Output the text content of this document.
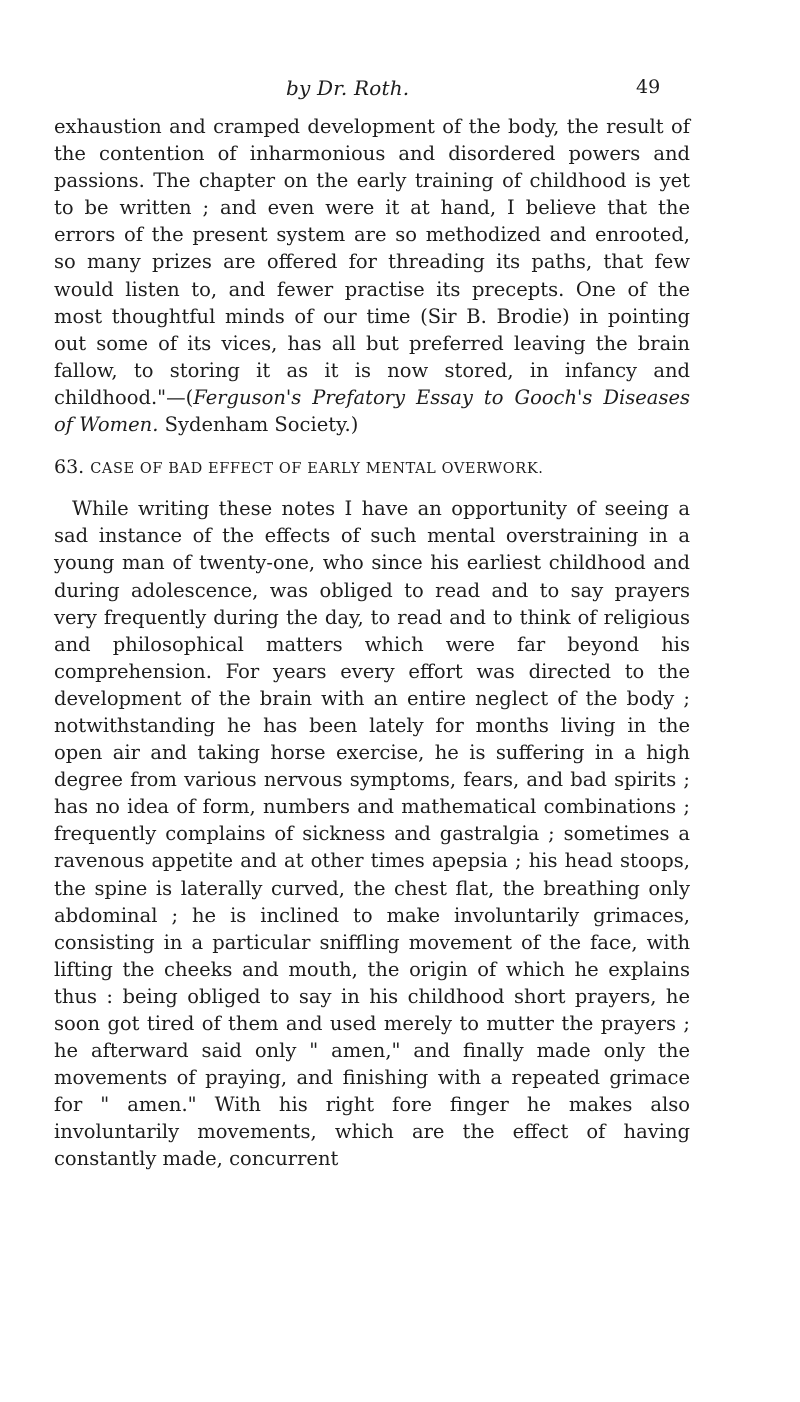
by Dr. Roth.	49

exhaustion and cramped development of the body, the result of the contention of inharmonious and disordered powers and passions. The chapter on the early training of childhood is yet to be written ; and even were it at hand, I believe that the errors of the present system are so methodized and enrooted, so many prizes are offered for threading its paths, that few would listen to, and fewer practise its precepts. One of the most thoughtful minds of our time (Sir B. Brodie) in pointing out some of its vices, has all but preferred leaving the brain fallow, to storing it as it is now stored, in infancy and childhood."—(Ferguson's Prefatory Essay to Gooch's Diseases of Women. Sydenham Society.)

63. CASE OF BAD EFFECT OF EARLY MENTAL OVERWORK.

While writing these notes I have an opportunity of seeing a sad instance of the effects of such mental overstraining in a young man of twenty-one, who since his earliest childhood and during adolescence, was obliged to read and to say prayers very frequently during the day, to read and to think of religious and philosophical matters which were far beyond his comprehension. For years every effort was directed to the development of the brain with an entire neglect of the body ; notwithstanding he has been lately for months living in the open air and taking horse exercise, he is suffering in a high degree from various nervous symptoms, fears, and bad spirits ; has no idea of form, numbers and mathematical combinations ; frequently complains of sickness and gastralgia ; sometimes a ravenous appetite and at other times apepsia ; his head stoops, the spine is laterally curved, the chest flat, the breathing only abdominal ; he is inclined to make involuntarily grimaces, consisting in a particular sniffling movement of the face, with lifting the cheeks and mouth, the origin of which he explains thus : being obliged to say in his childhood short prayers, he soon got tired of them and used merely to mutter the prayers ; he afterward said only " amen," and finally made only the movements of praying, and finishing with a repeated grimace for " amen." With his right fore finger he makes also involuntarily movements, which are the effect of having constantly made, concurrent
